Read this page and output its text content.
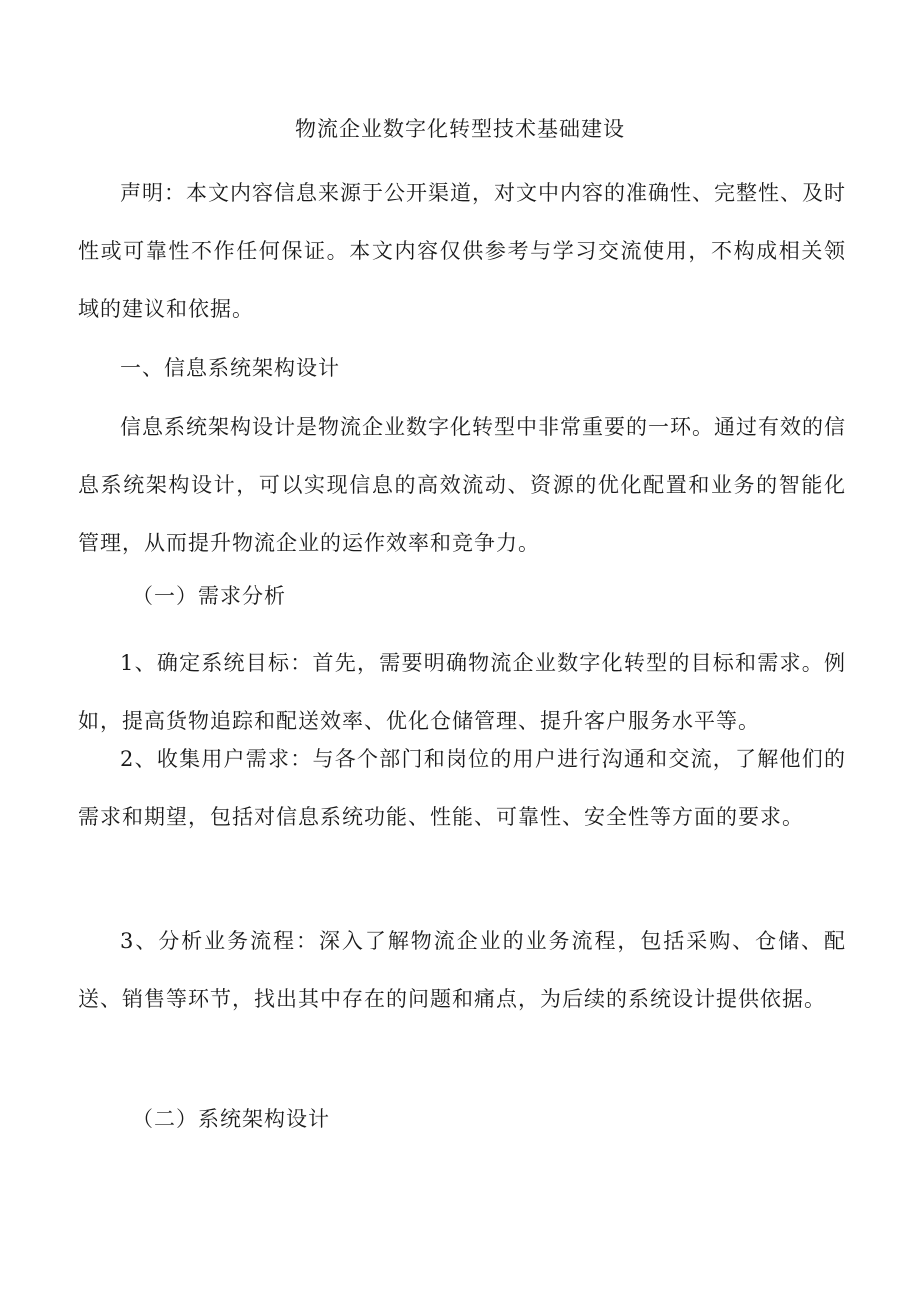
物流企业数字化转型技术基础建设

声明：本文内容信息来源于公开渠道，对文中内容的准确性、完整性、及时性或可靠性不作任何保证。本文内容仅供参考与学习交流使用，不构成相关领域的建议和依据。

一、信息系统架构设计

信息系统架构设计是物流企业数字化转型中非常重要的一环。通过有效的信息系统架构设计，可以实现信息的高效流动、资源的优化配置和业务的智能化管理，从而提升物流企业的运作效率和竞争力。

（一）需求分析

1、确定系统目标：首先，需要明确物流企业数字化转型的目标和需求。例如，提高货物追踪和配送效率、优化仓储管理、提升客户服务水平等。

2、收集用户需求：与各个部门和岗位的用户进行沟通和交流，了解他们的需求和期望，包括对信息系统功能、性能、可靠性、安全性等方面的要求。

3、分析业务流程：深入了解物流企业的业务流程，包括采购、仓储、配送、销售等环节，找出其中存在的问题和痛点，为后续的系统设计提供依据。

（二）系统架构设计
